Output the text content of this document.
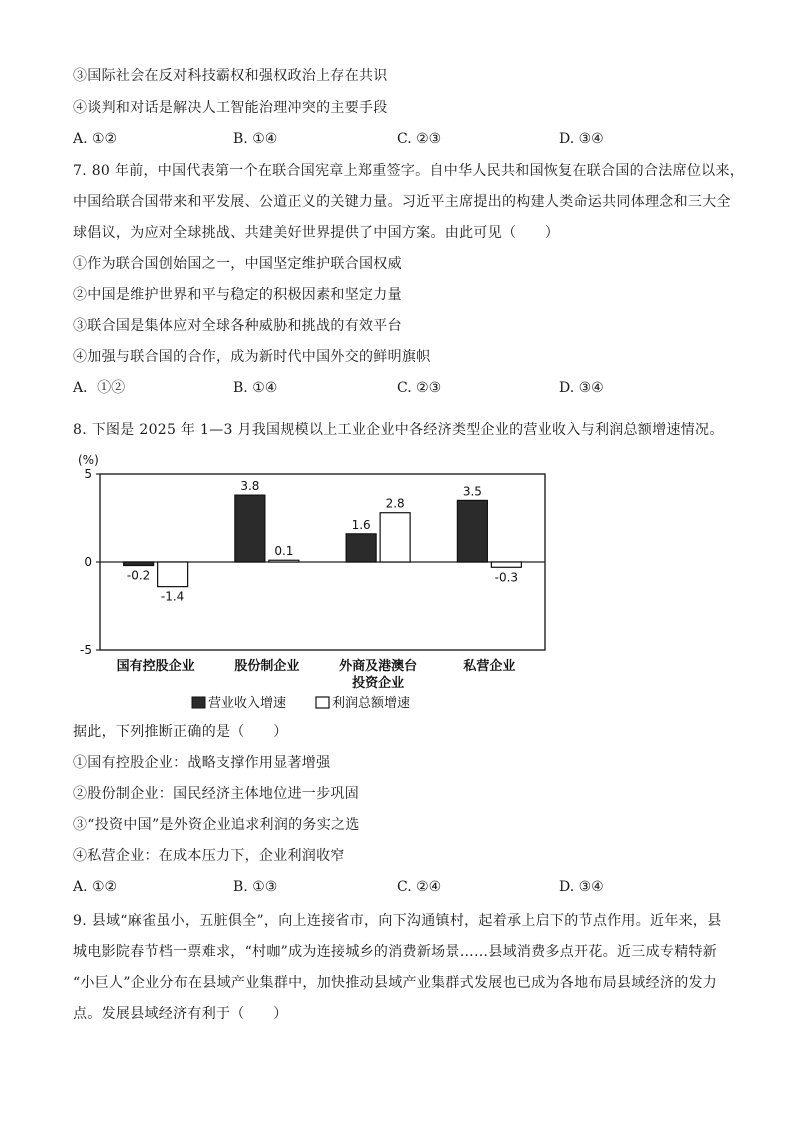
③国际社会在反对科技霸权和强权政治上存在共识
④谈判和对话是解决人工智能治理冲突的主要手段
A. ①②	B. ①④	C. ②③	D. ③④
7. 80 年前，中国代表第一个在联合国宪章上郑重签字。自中华人民共和国恢复在联合国的合法席位以来，
中国给联合国带来和平发展、公道正义的关键力量。习近平主席提出的构建人类命运共同体理念和三大全
球倡议，为应对全球挑战、共建美好世界提供了中国方案。由此可见（　　）
①作为联合国创始国之一，中国坚定维护联合国权威
②中国是维护世界和平与稳定的积极因素和坚定力量
③联合国是集体应对全球各种威胁和挑战的有效平台
④加强与联合国的合作，成为新时代中国外交的鲜明旗帜
A．①②	B. ①④	C. ②③	D. ③④
8. 下图是 2025 年 1—3 月我国规模以上工业企业中各经济类型企业的营业收入与利润总额增速情况。
(%)
5
0
-5
-0.2
-1.4
3.8
0.1
1.6
2.8
3.5
-0.3
国有控股企业	股份制企业	外商及港澳台
投资企业
私营企业
营业收入增速	利润总额增速
据此，下列推断正确的是（　　）
①国有控股企业：战略支撑作用显著增强
②股份制企业：国民经济主体地位进一步巩固
③“投资中国”是外资企业追求利润的务实之选
④私营企业：在成本压力下，企业利润收窄
A. ①②	B. ①③	C. ②④	D. ③④
9. 县域“麻雀虽小，五脏俱全”，向上连接省市，向下沟通镇村，起着承上启下的节点作用。近年来，县
城电影院春节档一票难求，“村咖”成为连接城乡的消费新场景……县域消费多点开花。近三成专精特新
“小巨人”企业分布在县域产业集群中，加快推动县域产业集群式发展也已成为各地布局县域经济的发力
点。发展县域经济有利于（　　）
